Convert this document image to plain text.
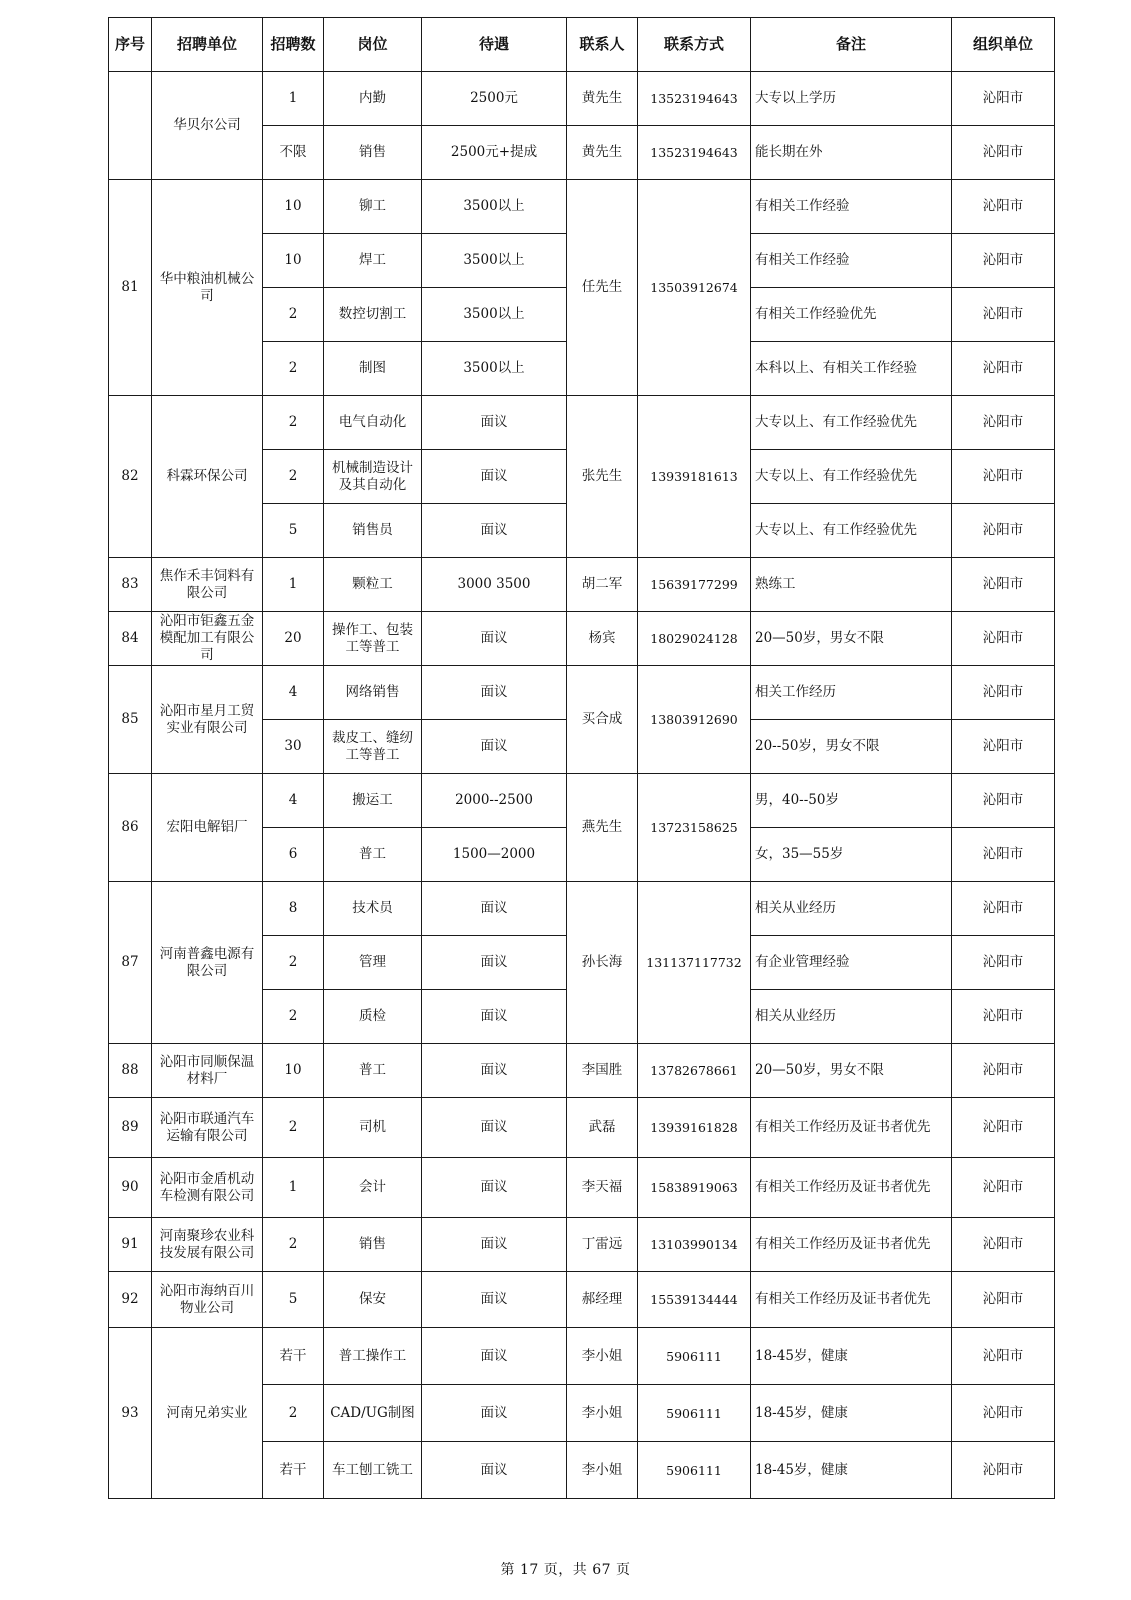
序号	招聘单位	招聘数	岗位	待遇	联系人	联系方式	备注	组织单位
	华贝尔公司	1	内勤	2500元	黄先生	13523194643	大专以上学历	沁阳市
		不限	销售	2500元+提成	黄先生	13523194643	能长期在外	沁阳市
81	华中粮油机械公司	10	铆工	3500以上	任先生	13503912674	有相关工作经验	沁阳市
		10	焊工	3500以上			有相关工作经验	沁阳市
		2	数控切割工	3500以上			有相关工作经验优先	沁阳市
		2	制图	3500以上			本科以上、有相关工作经验	沁阳市
82	科霖环保公司	2	电气自动化	面议	张先生	13939181613	大专以上、有工作经验优先	沁阳市
		2	机械制造设计及其自动化	面议			大专以上、有工作经验优先	沁阳市
		5	销售员	面议			大专以上、有工作经验优先	沁阳市
83	焦作禾丰饲料有限公司	1	颗粒工	3000 3500	胡二军	15639177299	熟练工	沁阳市
84	沁阳市钜鑫五金模配加工有限公司	20	操作工、包装工等普工	面议	杨宾	18029024128	20—50岁，男女不限	沁阳市
85	沁阳市星月工贸实业有限公司	4	网络销售	面议	买合成	13803912690	相关工作经历	沁阳市
		30	裁皮工、缝纫工等普工	面议			20--50岁，男女不限	沁阳市
86	宏阳电解铝厂	4	搬运工	2000--2500	燕先生	13723158625	男，40--50岁	沁阳市
		6	普工	1500—2000			女，35—55岁	沁阳市
87	河南普鑫电源有限公司	8	技术员	面议	孙长海	131137117732	相关从业经历	沁阳市
		2	管理	面议			有企业管理经验	沁阳市
		2	质检	面议			相关从业经历	沁阳市
88	沁阳市同顺保温材料厂	10	普工	面议	李国胜	13782678661	20—50岁，男女不限	沁阳市
89	沁阳市联通汽车运输有限公司	2	司机	面议	武磊	13939161828	有相关工作经历及证书者优先	沁阳市
90	沁阳市金盾机动车检测有限公司	1	会计	面议	李天福	15838919063	有相关工作经历及证书者优先	沁阳市
91	河南聚珍农业科技发展有限公司	2	销售	面议	丁雷远	13103990134	有相关工作经历及证书者优先	沁阳市
92	沁阳市海纳百川物业公司	5	保安	面议	郝经理	15539134444	有相关工作经历及证书者优先	沁阳市
93	河南兄弟实业	若干	普工操作工	面议	李小姐	5906111	18-45岁，健康	沁阳市
		2	CAD/UG制图	面议	李小姐	5906111	18-45岁，健康	沁阳市
		若干	车工刨工铣工	面议	李小姐	5906111	18-45岁，健康	沁阳市
第 17 页，共 67 页
